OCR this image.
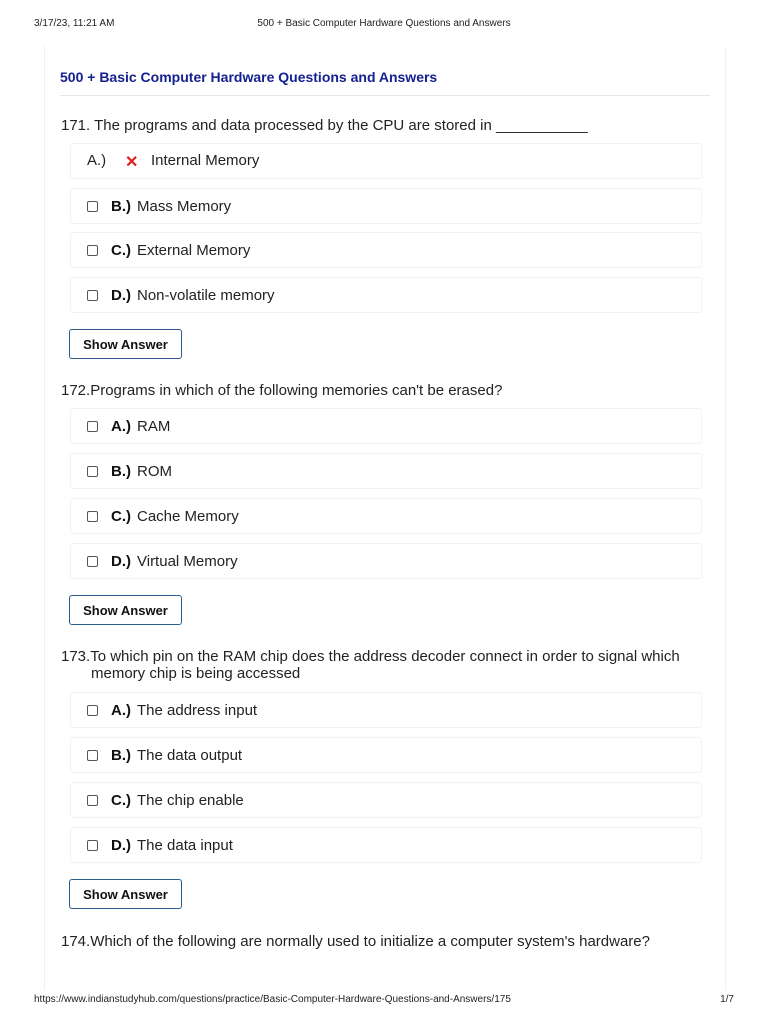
3/17/23, 11:21 AM	500 + Basic Computer Hardware Questions and Answers
500 + Basic Computer Hardware Questions and Answers
171. The programs and data processed by the CPU are stored in ___________
A.) ✕ Internal Memory
B.) Mass Memory
C.) External Memory
D.) Non-volatile memory
Show Answer
172.Programs in which of the following memories can't be erased?
A.) RAM
B.) ROM
C.) Cache Memory
D.) Virtual Memory
Show Answer
173.To which pin on the RAM chip does the address decoder connect in order to signal which memory chip is being accessed
A.) The address input
B.) The data output
C.) The chip enable
D.) The data input
Show Answer
174.Which of the following are normally used to initialize a computer system's hardware?
https://www.indianstudyhub.com/questions/practice/Basic-Computer-Hardware-Questions-and-Answers/175	1/7
